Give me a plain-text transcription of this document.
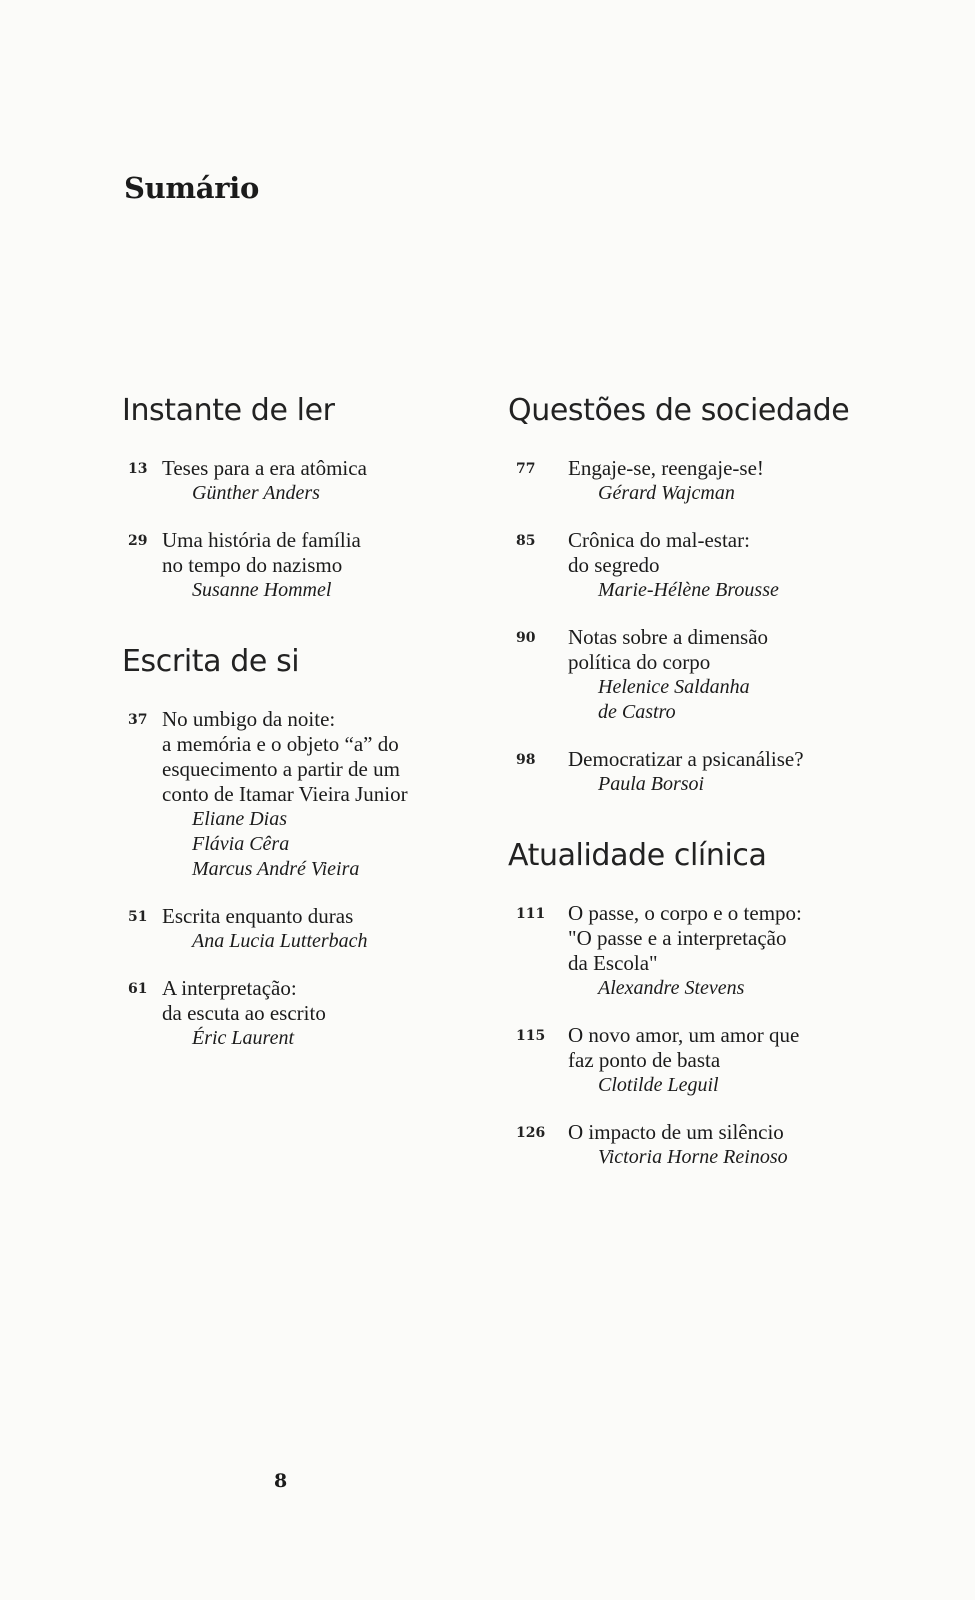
Sumário
Instante de ler
13 Teses para a era atômica
Günther Anders
29 Uma história de família
no tempo do nazismo
Susanne Hommel
Escrita de si
37 No umbigo da noite:
a memória e o objeto “a” do
esquecimento a partir de um
conto de Itamar Vieira Junior
Eliane Dias
Flávia Cêra
Marcus André Vieira
51 Escrita enquanto duras
Ana Lucia Lutterbach
61 A interpretação:
da escuta ao escrito
Éric Laurent
Questões de sociedade
77	Engaje-se, reengaje-se!
Gérard Wajcman
85	Crônica do mal-estar:
do segredo
Marie-Hélène Brousse
90	Notas sobre a dimensão
política do corpo
Helenice Saldanha
de Castro
98	Democratizar a psicanálise?
Paula Borsoi
Atualidade clínica
111	O passe, o corpo e o tempo:
"O passe e a interpretação
da Escola"
Alexandre Stevens
115	O novo amor, um amor que
faz ponto de basta
Clotilde Leguil
126	O impacto de um silêncio
Victoria Horne Reinoso
8
